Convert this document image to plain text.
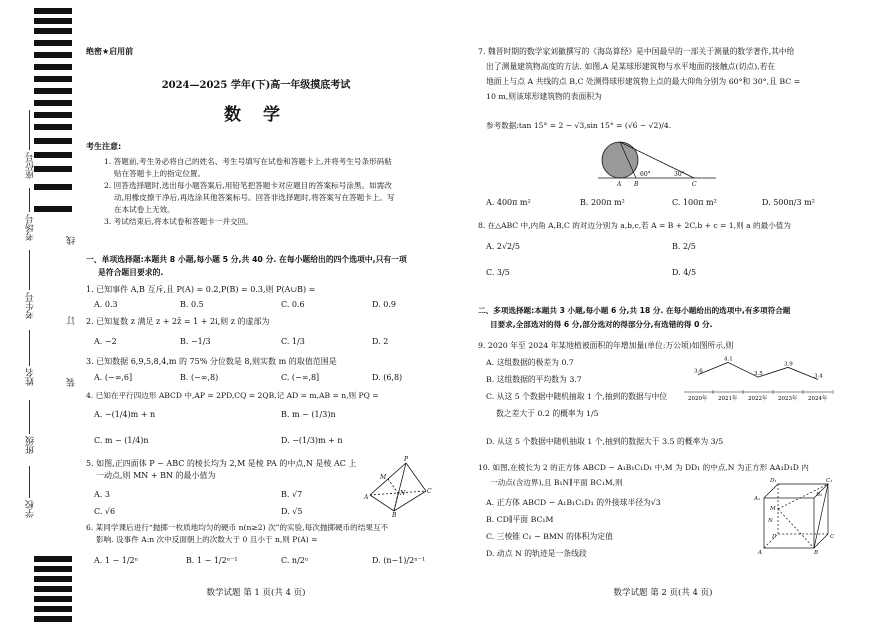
座位号
考场号
考生号
姓名
班级
学校
线
订
装
绝密★启用前
2024—2025 学年(下)高一年级摸底考试
数 学
考生注意:
1. 答题前,考生务必将自己的姓名、考生号填写在试卷和答题卡上,并将考生号条形码粘
贴在答题卡上的指定位置。
2. 回答选择题时,选出每小题答案后,用铅笔把答题卡对应题目的答案标号涂黑。如需改
动,用橡皮擦干净后,再选涂其他答案标号。回答非选择题时,将答案写在答题卡上。写
在本试卷上无效。
3. 考试结束后,将本试卷和答题卡一并交回。
一、单项选择题:本题共 8 小题,每小题 5 分,共 40 分. 在每小题给出的四个选项中,只有一项
是符合题目要求的.
1. 已知事件 A,B 互斥,且 P(A) = 0.2,P(B) = 0.3,则 P(A∪B) =
A. 0.3	B. 0.5	C. 0.6	D. 0.9
2. 已知复数 z 满足 z + 2z̄ = 1 + 2i,则 z 的虚部为
A. −2	B. −1/3	C. 1/3	D. 2
3. 已知数据 6,9,5,8,4,m 的 75% 分位数是 8,则实数 m 的取值范围是
A. (−∞,6]	B. (−∞,8)	C. (−∞,8]	D. (6,8)
4. 已知在平行四边形 ABCD 中,AP = 2PD,CQ = 2QB,记 AD = m,AB = n,则 PQ =
A. −(1/4)m + n	B. m − (1/3)n
C. m − (1/4)n	D. −(1/3)m + n
5. 如图,正四面体 P − ABC 的棱长均为 2,M 是棱 PA 的中点,N 是棱 AC 上
一动点,则 MN + BN 的最小值为
A. 3	B. √7
C. √6	D. √5
P
M
A
N
B
C
6. 某同学课后进行“抛掷一枚质地均匀的硬币 n(n≥2) 次”的实验,每次抛掷硬币的结果互不
影响. 设事件 A:n 次中反面朝上的次数大于 0 且小于 n,则 P(A) =
A. 1 − 1/2ⁿ	B. 1 − 1/2ⁿ⁻¹	C. n/2ⁿ	D. (n−1)/2ⁿ⁻¹
数学试题 第 1 页(共 4 页)
7. 魏晋时期的数学家刘徽撰写的《海岛算经》是中国最早的一部关于测量的数学著作,其中给
出了测量建筑物高度的方法. 如图,A 是某球形建筑物与水平地面的接触点(切点),若在
地面上与点 A 共线的点 B,C 处测得球形建筑物上点的最大仰角分别为 60°和 30°,且 BC =
10 m,则该球形建筑物的表面积为
参考数据:tan 15° = 2 − √3,sin 15° = (√6 − √2)/4.
A B
60°
C
30°
A. 400π m²	B. 200π m²	C. 100π m²	D. 500π/3 m²
8. 在△ABC 中,内角 A,B,C 的对边分别为 a,b,c,若 A = B + 2C,b + c = 1,则 a 的最小值为
A. 2√2/5	B. 2/5
C. 3/5	D. 4/5
二、多项选择题:本题共 3 小题,每小题 6 分,共 18 分. 在每小题给出的选项中,有多项符合题
目要求,全部选对的得 6 分,部分选对的得部分分,有选错的得 0 分.
9. 2020 年至 2024 年某地植被面积的年增加量(单位:万公顷)如图所示,则
A. 这组数据的极差为 0.7
B. 这组数据的平均数为 3.7
C. 从这 5 个数据中随机抽取 1 个,抽到的数据与中位
数之差大于 0.2 的概率为 1/5
D. 从这 5 个数据中随机抽取 1 个,抽到的数据大于 3.5 的概率为 3/5
3.6
2020年
4.1
2021年
3.5
2022年
3.9
2023年
3.4
2024年
10. 如图,在棱长为 2 的正方体 ABCD − A₁B₁C₁D₁ 中,M 为 DD₁ 的中点,N 为正方形 AA₁D₁D 内
一动点(含边界),且 B₁N∥平面 BC₁M,则
A. 正方体 ABCD − A₁B₁C₁D₁ 的外接球半径为√3
B. CD∥平面 BC₁M
C. 三棱锥 C₁ − BMN 的体积为定值
D. 动点 N 的轨迹是一条线段
D₁	C₁
A₁
B₁
M
N
D	C
A	B
数学试题 第 2 页(共 4 页)
